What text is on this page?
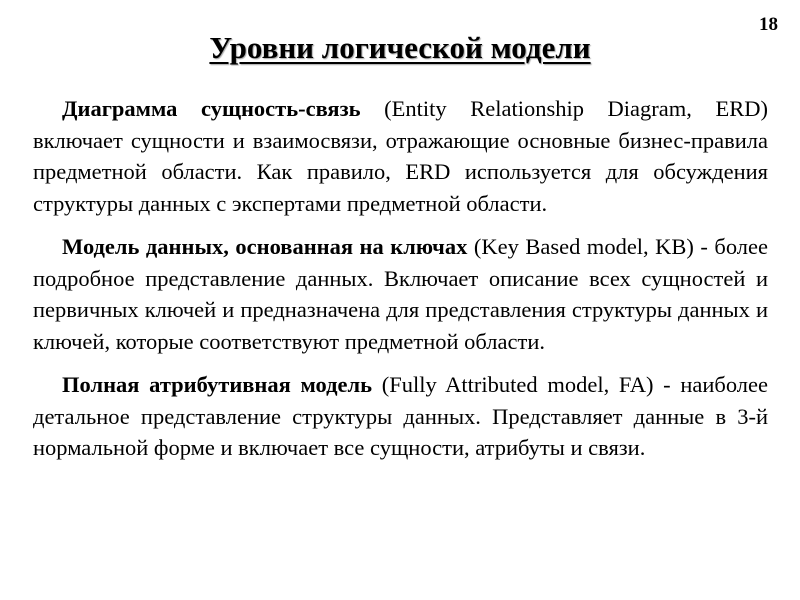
18
Уровни логической модели

Диаграмма сущность-связь (Entity Relationship Diagram, ERD) включает сущности и взаимосвязи, отражающие основные бизнес-правила предметной области. Как правило, ERD используется для обсуждения структуры данных с экспертами предметной области.

Модель данных, основанная на ключах (Key Based model, KB) - более подробное представление данных. Включает описание всех сущностей и первичных ключей и предназначена для представления структуры данных и ключей, которые соответствуют предметной области.

Полная атрибутивная модель (Fully Attributed model, FA) - наиболее детальное представление структуры данных. Представляет данные в 3-й нормальной форме и включает все сущности, атрибуты и связи.
